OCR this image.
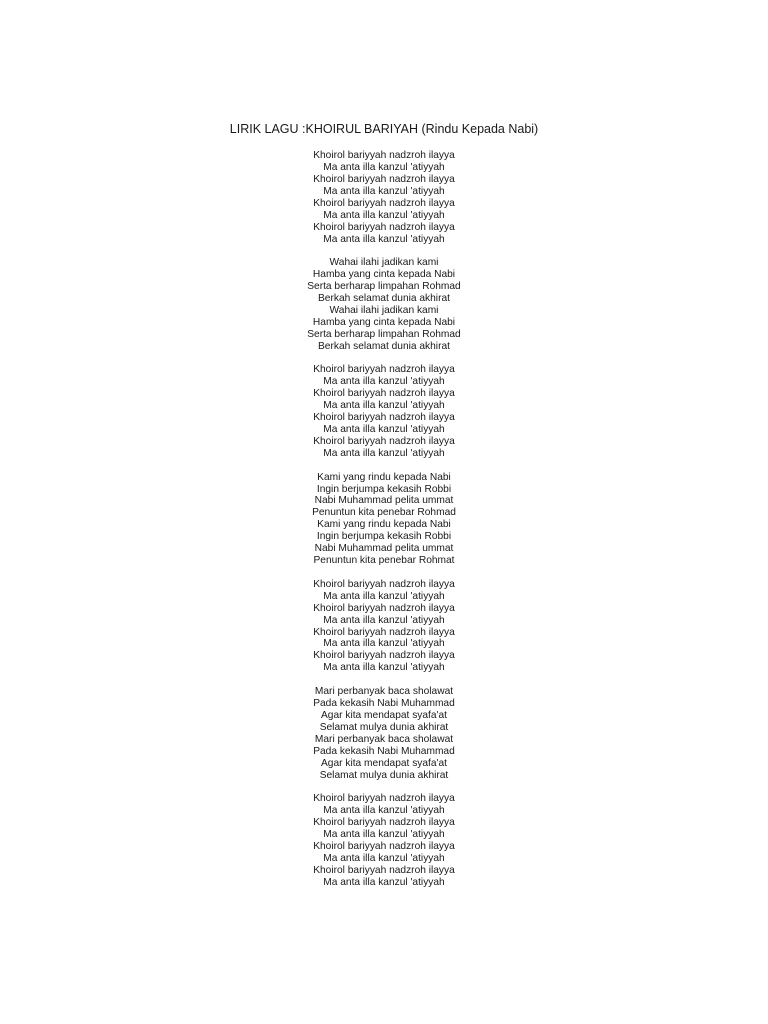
LIRIK LAGU :KHOIRUL BARIYAH (Rindu Kepada Nabi)
Khoirol bariyyah nadzroh ilayya
Ma anta illa kanzul 'atiyyah
Khoirol bariyyah nadzroh ilayya
Ma anta illa kanzul 'atiyyah
Khoirol bariyyah nadzroh ilayya
Ma anta illa kanzul 'atiyyah
Khoirol bariyyah nadzroh ilayya
Ma anta illa kanzul 'atiyyah
Wahai ilahi jadikan kami
Hamba yang cinta kepada Nabi
Serta berharap limpahan Rohmad
Berkah selamat dunia akhirat
Wahai ilahi jadikan kami
Hamba yang cinta kepada Nabi
Serta berharap limpahan Rohmad
Berkah selamat dunia akhirat
Khoirol bariyyah nadzroh ilayya
Ma anta illa kanzul 'atiyyah
Khoirol bariyyah nadzroh ilayya
Ma anta illa kanzul 'atiyyah
Khoirol bariyyah nadzroh ilayya
Ma anta illa kanzul 'atiyyah
Khoirol bariyyah nadzroh ilayya
Ma anta illa kanzul 'atiyyah
Kami yang rindu kepada Nabi
Ingin berjumpa kekasih Robbi
Nabi Muhammad pelita ummat
Penuntun kita penebar Rohmad
Kami yang rindu kepada Nabi
Ingin berjumpa kekasih Robbi
Nabi Muhammad pelita ummat
Penuntun kita penebar Rohmat
Khoirol bariyyah nadzroh ilayya
Ma anta illa kanzul 'atiyyah
Khoirol bariyyah nadzroh ilayya
Ma anta illa kanzul 'atiyyah
Khoirol bariyyah nadzroh ilayya
Ma anta illa kanzul 'atiyyah
Khoirol bariyyah nadzroh ilayya
Ma anta illa kanzul 'atiyyah
Mari perbanyak baca sholawat
Pada kekasih Nabi Muhammad
Agar kita mendapat syafa'at
Selamat mulya dunia akhirat
Mari perbanyak baca sholawat
Pada kekasih Nabi Muhammad
Agar kita mendapat syafa'at
Selamat mulya dunia akhirat
Khoirol bariyyah nadzroh ilayya
Ma anta illa kanzul 'atiyyah
Khoirol bariyyah nadzroh ilayya
Ma anta illa kanzul 'atiyyah
Khoirol bariyyah nadzroh ilayya
Ma anta illa kanzul 'atiyyah
Khoirol bariyyah nadzroh ilayya
Ma anta illa kanzul 'atiyyah
